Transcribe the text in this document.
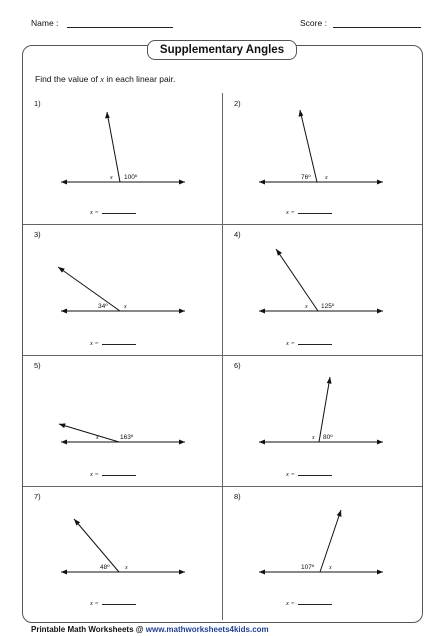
Name :	Score :
Supplementary Angles
Find the value of x in each linear pair.
1)
x 100º
x =
2)
76º x
x =
3)
34º	x
x =
4)
x 125º
x =
5)
x	163º
x =
6)
x 80º
x =
7)
48º	x
x =
8)
107º x
x =
Printable Math Worksheets @ www.mathworksheets4kids.com
